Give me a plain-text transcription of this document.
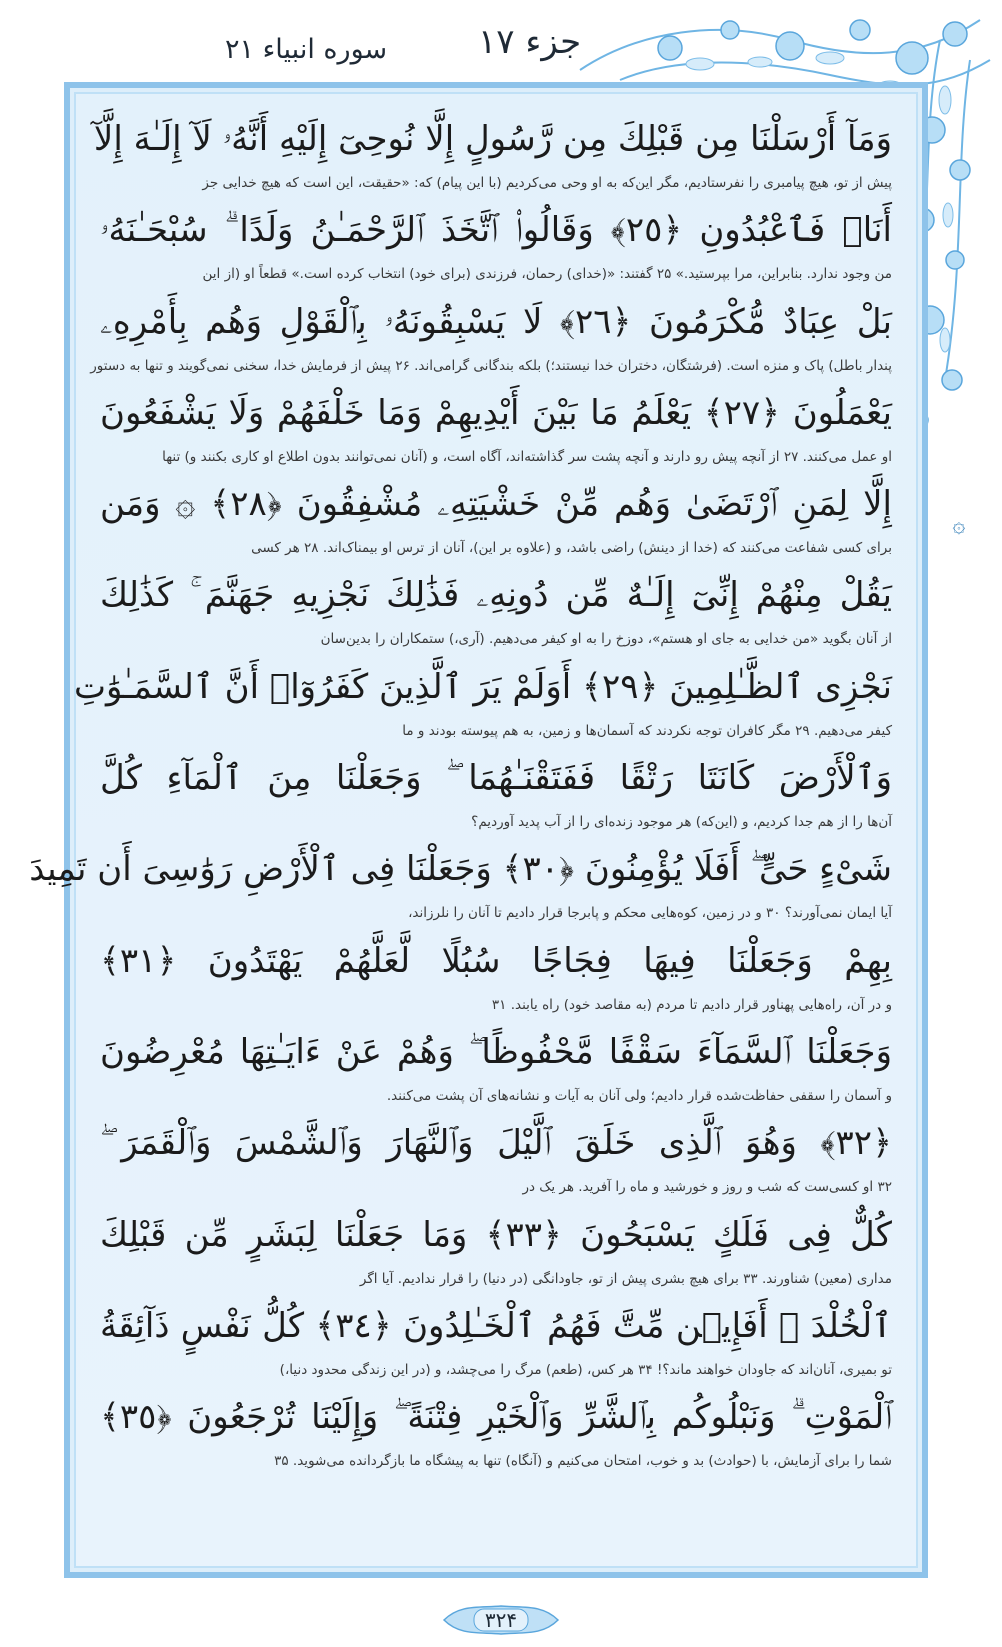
جزء ۱۷
سوره انبیاء ۲۱
۞
وَمَآ أَرْسَلْنَا مِن قَبْلِكَ مِن رَّسُولٍ إِلَّا نُوحِىٓ إِلَيْهِ أَنَّهُۥ لَآ إِلَـٰهَ إِلَّآ
پیش از تو، هیچ پیامبری را نفرستادیم، مگر این‌که به او وحی می‌کردیم (با این پیام) که: «حقیقت، این است که هیچ خدایی جز
أَنَا۠ فَٱعْبُدُونِ ﴿٢٥﴾ وَقَالُوا۟ ٱتَّخَذَ ٱلرَّحْمَـٰنُ وَلَدًا ۗ سُبْحَـٰنَهُۥ
من وجود ندارد. بنابراین، مرا بپرستید.» ۲۵ گفتند: «(خدای) رحمان، فرزندی (برای خود) انتخاب کرده است.» قطعاً او (از این
بَلْ عِبَادٌ مُّكْرَمُونَ ﴿٢٦﴾ لَا يَسْبِقُونَهُۥ بِٱلْقَوْلِ وَهُم بِأَمْرِهِۦ
پندار باطل) پاک و منزه است. (فرشتگان، دختران خدا نیستند؛) بلکه بندگانی گرامی‌اند. ۲۶ پیش از فرمایش خدا، سخنی نمی‌گویند و تنها به دستور
يَعْمَلُونَ ﴿٢٧﴾ يَعْلَمُ مَا بَيْنَ أَيْدِيهِمْ وَمَا خَلْفَهُمْ وَلَا يَشْفَعُونَ
او عمل می‌کنند. ۲۷ از آنچه پیش رو دارند و آنچه پشت سر گذاشته‌اند، آگاه است، و (آنان نمی‌توانند بدون اطلاع او کاری بکنند و) تنها
إِلَّا لِمَنِ ٱرْتَضَىٰ وَهُم مِّنْ خَشْيَتِهِۦ مُشْفِقُونَ ﴿٢٨﴾ ۞ وَمَن
برای کسی شفاعت می‌کنند که (خدا از دینش) راضی باشد، و (علاوه بر این)، آنان از ترس او بیمناک‌اند. ۲۸ هر کسی
يَقُلْ مِنْهُمْ إِنِّىٓ إِلَـٰهٌ مِّن دُونِهِۦ فَذَٰلِكَ نَجْزِيهِ جَهَنَّمَ ۚ كَذَٰلِكَ
از آنان بگوید «من خدایی به جای او هستم»، دوزخ را به او کیفر می‌دهیم. (آری،) ستمکاران را بدین‌سان
نَجْزِى ٱلظَّـٰلِمِينَ ﴿٢٩﴾ أَوَلَمْ يَرَ ٱلَّذِينَ كَفَرُوٓا۟ أَنَّ ٱلسَّمَـٰوَٰتِ
کیفر می‌دهیم. ۲۹ مگر کافران توجه نکردند که آسمان‌ها و زمین، به هم پیوسته بودند و ما
وَٱلْأَرْضَ كَانَتَا رَتْقًا فَفَتَقْنَـٰهُمَا ۖ وَجَعَلْنَا مِنَ ٱلْمَآءِ كُلَّ
آن‌ها را از هم جدا کردیم، و (این‌که) هر موجود زنده‌ای را از آب پدید آوردیم؟
شَىْءٍ حَىٍّ ۖ أَفَلَا يُؤْمِنُونَ ﴿٣٠﴾ وَجَعَلْنَا فِى ٱلْأَرْضِ رَوَٰسِىَ أَن تَمِيدَ
آیا ایمان نمی‌آورند؟ ۳۰ و در زمین، کوه‌هایی محکم و پابرجا قرار دادیم تا آنان را نلرزاند،
بِهِمْ وَجَعَلْنَا فِيهَا فِجَاجًا سُبُلًا لَّعَلَّهُمْ يَهْتَدُونَ ﴿٣١﴾
و در آن، راه‌هایی پهناور قرار دادیم تا مردم (به مقاصد خود) راه یابند. ۳۱
وَجَعَلْنَا ٱلسَّمَآءَ سَقْفًا مَّحْفُوظًا ۖ وَهُمْ عَنْ ءَايَـٰتِهَا مُعْرِضُونَ
و آسمان را سقفی حفاظت‌شده قرار دادیم؛ ولی آنان به آیات و نشانه‌های آن پشت می‌کنند.
﴿٣٢﴾ وَهُوَ ٱلَّذِى خَلَقَ ٱلَّيْلَ وَٱلنَّهَارَ وَٱلشَّمْسَ وَٱلْقَمَرَ ۖ
۳۲ او کسی‌ست که شب و روز و خورشید و ماه را آفرید. هر یک در
كُلٌّ فِى فَلَكٍ يَسْبَحُونَ ﴿٣٣﴾ وَمَا جَعَلْنَا لِبَشَرٍ مِّن قَبْلِكَ
مداری (معین) شناورند. ۳۳ برای هیچ بشری پیش از تو، جاودانگی (در دنیا) را قرار ندادیم. آیا اگر
ٱلْخُلْدَ ۖ أَفَإِي۟ن مِّتَّ فَهُمُ ٱلْخَـٰلِدُونَ ﴿٣٤﴾ كُلُّ نَفْسٍ ذَآئِقَةُ
تو بمیری، آنان‌اند که جاودان خواهند ماند؟! ۳۴ هر کس، (طعم) مرگ را می‌چشد، و (در این زندگی محدود دنیا،)
ٱلْمَوْتِ ۗ وَنَبْلُوكُم بِٱلشَّرِّ وَٱلْخَيْرِ فِتْنَةً ۖ وَإِلَيْنَا تُرْجَعُونَ ﴿٣٥﴾
شما را برای آزمایش، با (حوادث) بد و خوب، امتحان می‌کنیم و (آنگاه) تنها به پیشگاه ما بازگردانده می‌شوید. ۳۵
۳۲۴
